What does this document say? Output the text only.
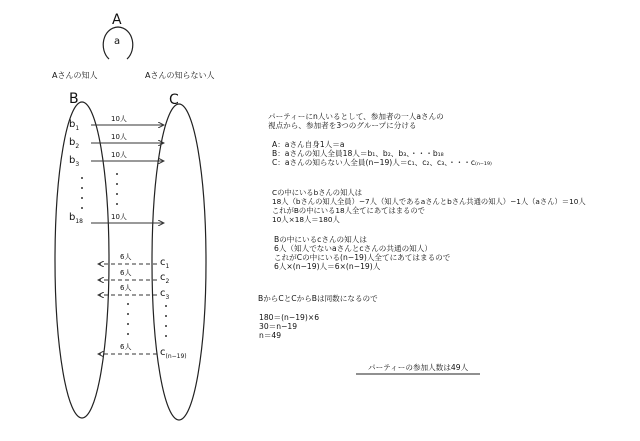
A
a
Aさんの知人	Aさんの知らない人
B	C
$b_1$
$b_2$
$b_3$
$b_{18}$
$c_1$
$c_2$
$c_3$
$c_{(n-19)}$
10人
10人
10人
10人
6人
6人
6人
6人
パーティーにn人いるとして、参加者の一人aさんの
視点から、参加者を3つのグループに分ける
A：aさん自身1人＝a
B：aさんの知人全員18人＝b₁、b₂、b₃、・・・b₁₈
C：aさんの知らない人全員(n−19)人＝c₁、c₂、c₃、・・・c₍ₙ₋₁₉₎
Cの中にいるbさんの知人は
18人（bさんの知人全員）−7人（知人であるaさんとbさん共通の知人）−1人（aさん）＝10人
これがBの中にいる18人全てにあてはまるので
10人×18人＝180人
Bの中にいるcさんの知人は
6人（知人でないaさんとcさんの共通の知人）
これがCの中にいる(n−19)人全てにあてはまるので
6人×(n−19)人＝6×(n−19)人
BからCとCからBは同数になるので
180＝(n−19)×6
30＝n−19
n＝49
パーティーの参加人数は49人
